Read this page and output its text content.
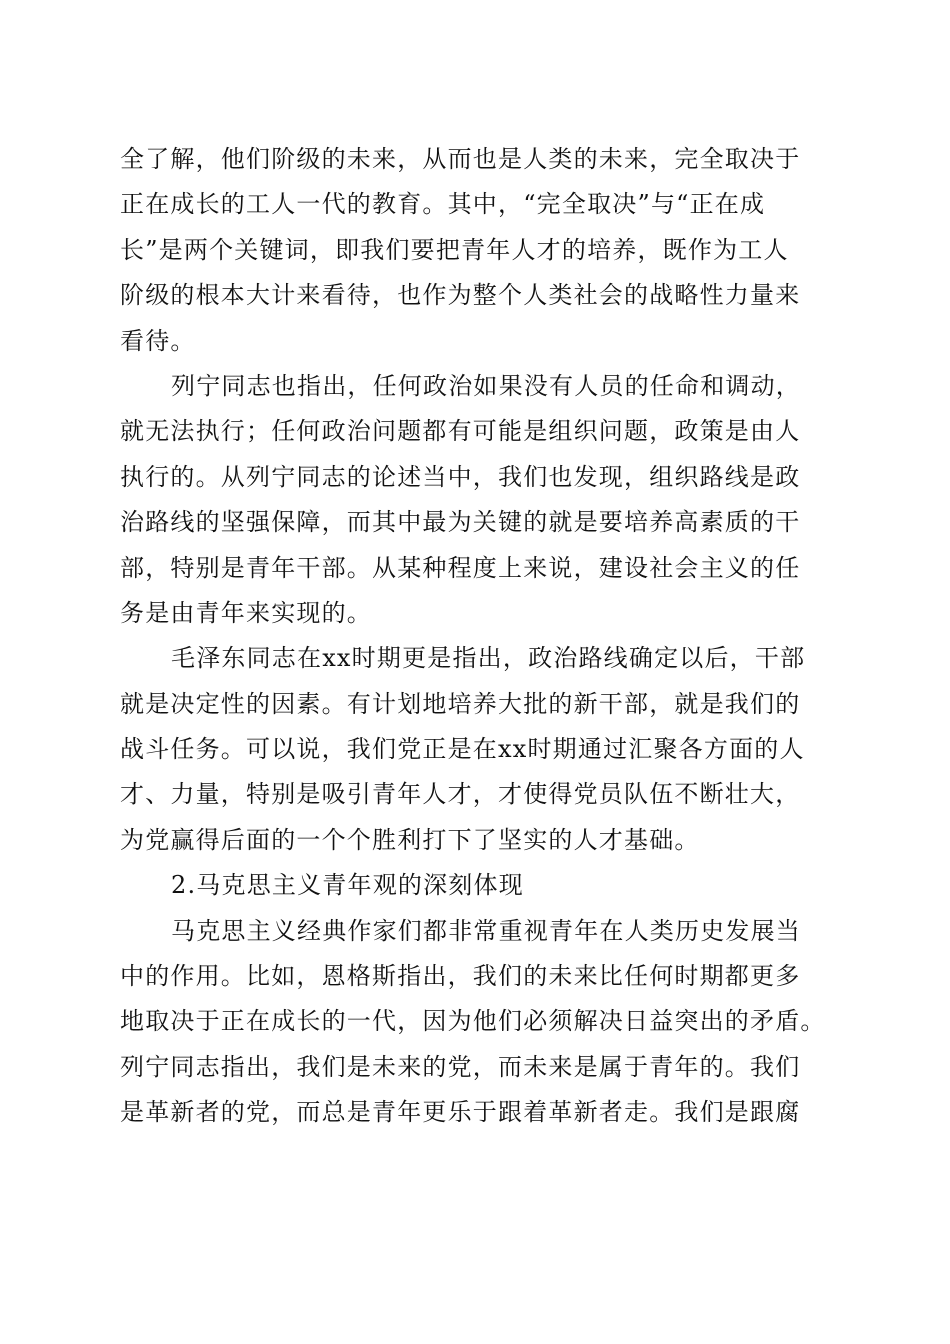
全了解，他们阶级的未来，从而也是人类的未来，完全取决于
正在成长的工人一代的教育。其中，“完全取决”与“正在成
长”是两个关键词，即我们要把青年人才的培养，既作为工人
阶级的根本大计来看待，也作为整个人类社会的战略性力量来
看待。
列宁同志也指出，任何政治如果没有人员的任命和调动，
就无法执行；任何政治问题都有可能是组织问题，政策是由人
执行的。从列宁同志的论述当中，我们也发现，组织路线是政
治路线的坚强保障，而其中最为关键的就是要培养高素质的干
部，特别是青年干部。从某种程度上来说，建设社会主义的任
务是由青年来实现的。
毛泽东同志在xx时期更是指出，政治路线确定以后，干部
就是决定性的因素。有计划地培养大批的新干部，就是我们的
战斗任务。可以说，我们党正是在xx时期通过汇聚各方面的人
才、力量，特别是吸引青年人才，才使得党员队伍不断壮大，
为党赢得后面的一个个胜利打下了坚实的人才基础。
2.马克思主义青年观的深刻体现
马克思主义经典作家们都非常重视青年在人类历史发展当
中的作用。比如，恩格斯指出，我们的未来比任何时期都更多
地取决于正在成长的一代，因为他们必须解决日益突出的矛盾。
列宁同志指出，我们是未来的党，而未来是属于青年的。我们
是革新者的党，而总是青年更乐于跟着革新者走。我们是跟腐
